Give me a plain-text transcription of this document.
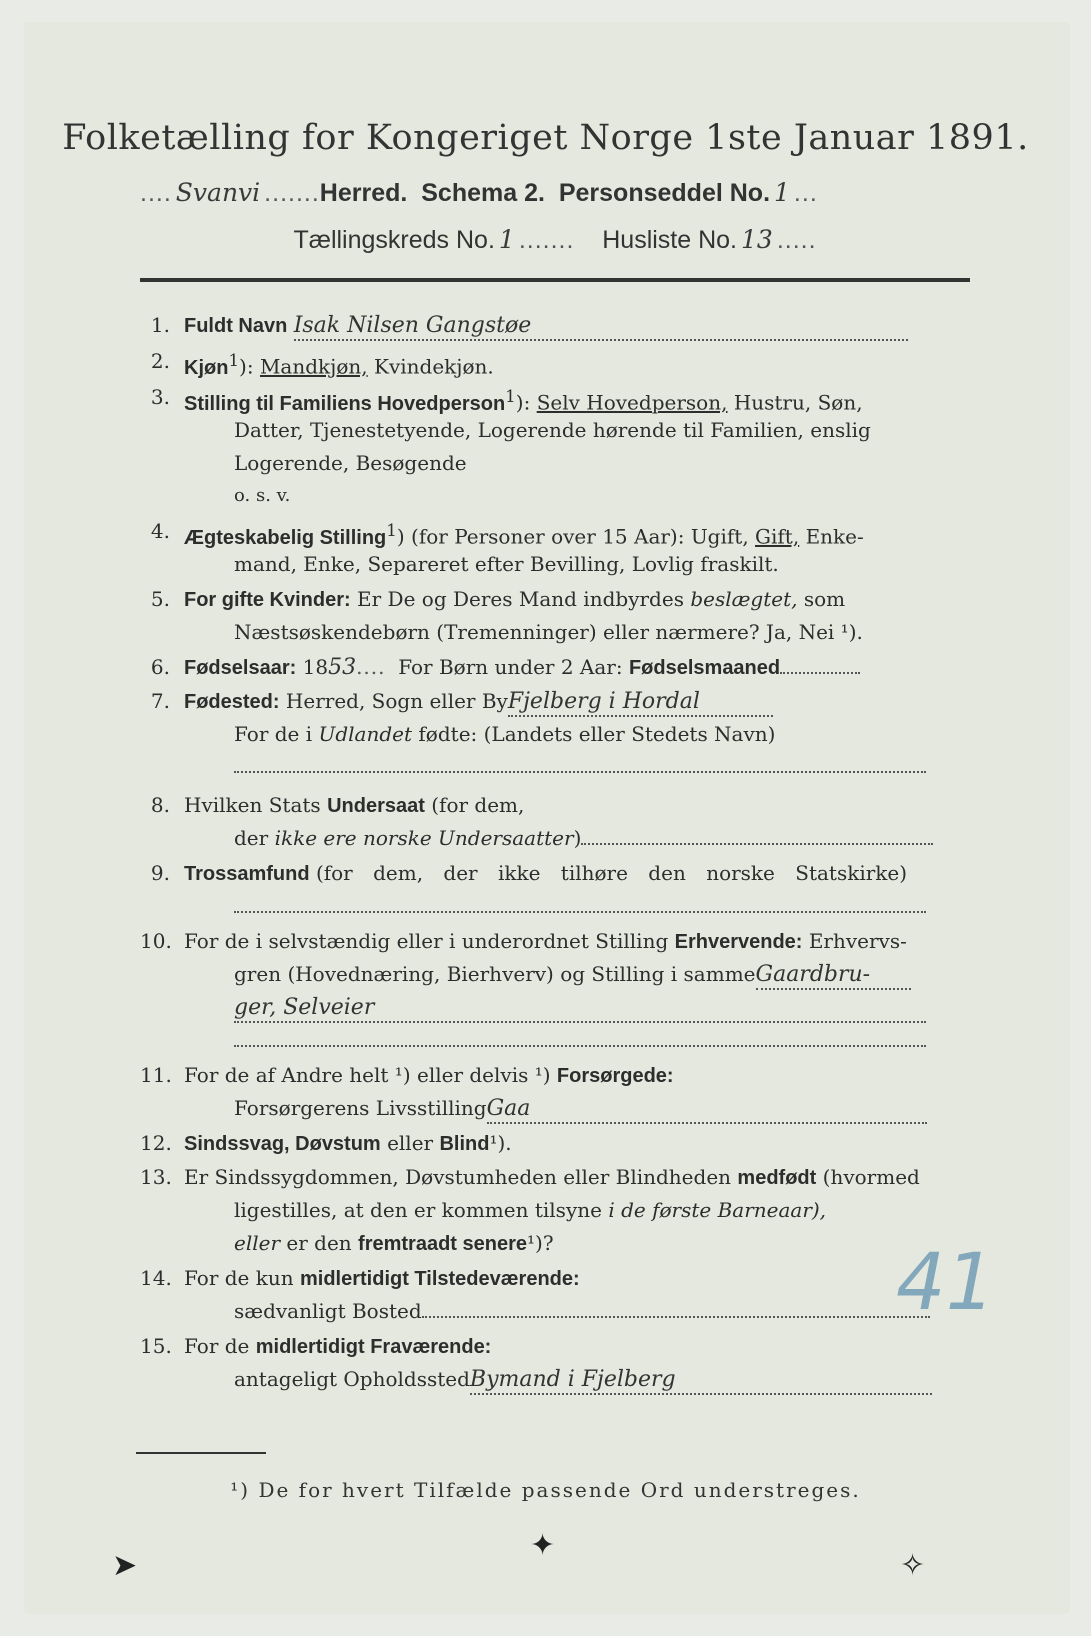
Folketælling for Kongeriget Norge 1ste Januar 1891.
.... Svanvi .......Herred. Schema 2. Personseddel No. 1 ...
Tællingskreds No. 1 ....... Husliste No. 13 .....
1. Fuldt Navn Isak Nilsen Gangstøe
2. Kjøn$^1$): Mandkjøn, Kvindekjøn.
3. Stilling til Familiens Hovedperson$^1$): Selv Hovedperson, Hustru, Søn,
Datter, Tjenestetyende, Logerende hørende til Familien, enslig
Logerende, Besøgende
o. s. v.
4. Ægteskabelig Stilling$^1$) (for Personer over 15 Aar): Ugift, Gift, Enke-
mand, Enke, Separeret efter Bevilling, Lovlig fraskilt.
5. For gifte Kvinder: Er De og Deres Mand indbyrdes beslægtet, som
Næstsøskendebørn (Tremenninger) eller nærmere? Ja, Nei ¹).
6. Fødselsaar: 1853.... For Børn under 2 Aar: Fødselsmaaned
7. Fødested: Herred, Sogn eller ByFjelberg i Hordal
For de i Udlandet fødte: (Landets eller Stedets Navn)
8. Hvilken Stats Undersaat (for dem,
der ikke ere norske Undersaatter)
9. Trossamfund (for dem, der ikke tilhøre den norske Statskirke)
10. For de i selvstændig eller i underordnet Stilling Erhvervende: Erhvervs-
gren (Hovednæring, Bierhverv) og Stilling i sammeGaardbru-
ger, Selveier
11. For de af Andre helt ¹) eller delvis ¹) Forsørgede:
Forsørgerens LivsstillingGaa
12. Sindssvag, Døvstum eller Blind¹).
13. Er Sindssygdommen, Døvstumheden eller Blindheden medfødt (hvormed
ligestilles, at den er kommen tilsyne i de første Barneaar),
eller er den fremtraadt senere¹)?
14. For de kun midlertidigt Tilstedeværende:
sædvanligt Bosted
15. For de midlertidigt Fraværende:
antageligt OpholdsstedBymand i Fjelberg
41
¹) De for hvert Tilfælde passende Ord understreges.
➤
✦
✧
